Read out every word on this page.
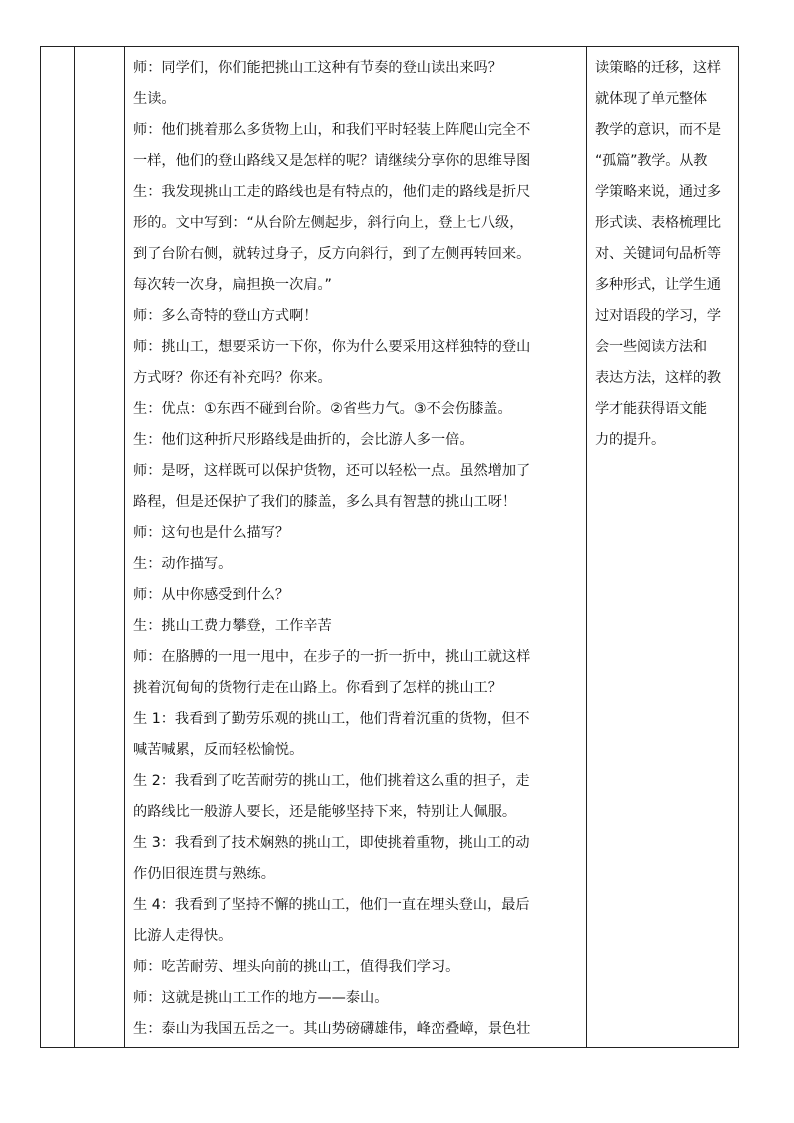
师：同学们，你们能把挑山工这种有节奏的登山读出来吗？
生读。
师：他们挑着那么多货物上山，和我们平时轻装上阵爬山完全不
一样，他们的登山路线又是怎样的呢？请继续分享你的思维导图
生：我发现挑山工走的路线也是有特点的，他们走的路线是折尺
形的。文中写到：“从台阶左侧起步，斜行向上，登上七八级，
到了台阶右侧，就转过身子，反方向斜行，到了左侧再转回来。
每次转一次身，扁担换一次肩。”
师：多么奇特的登山方式啊！
师：挑山工，想要采访一下你，你为什么要采用这样独特的登山
方式呀？你还有补充吗？你来。
生：优点：①东西不碰到台阶。②省些力气。③不会伤膝盖。
生：他们这种折尺形路线是曲折的，会比游人多一倍。
师：是呀，这样既可以保护货物，还可以轻松一点。虽然增加了
路程，但是还保护了我们的膝盖，多么具有智慧的挑山工呀！
师：这句也是什么描写？
生：动作描写。
师：从中你感受到什么？
生：挑山工费力攀登，工作辛苦
师：在胳膊的一甩一甩中，在步子的一折一折中，挑山工就这样
挑着沉甸甸的货物行走在山路上。你看到了怎样的挑山工？
生 1：我看到了勤劳乐观的挑山工，他们背着沉重的货物，但不
喊苦喊累，反而轻松愉悦。
生 2：我看到了吃苦耐劳的挑山工，他们挑着这么重的担子，走
的路线比一般游人要长，还是能够坚持下来，特别让人佩服。
生 3：我看到了技术娴熟的挑山工，即使挑着重物，挑山工的动
作仍旧很连贯与熟练。
生 4：我看到了坚持不懈的挑山工，他们一直在埋头登山，最后
比游人走得快。
师：吃苦耐劳、埋头向前的挑山工，值得我们学习。
师：这就是挑山工工作的地方——泰山。
生：泰山为我国五岳之一。其山势磅礴雄伟，峰峦叠嶂，景色壮

读策略的迁移，这样
就体现了单元整体
教学的意识，而不是
“孤篇”教学。从教
学策略来说，通过多
形式读、表格梳理比
对、关键词句品析等
多种形式，让学生通
过对语段的学习，学
会一些阅读方法和
表达方法，这样的教
学才能获得语文能
力的提升。
